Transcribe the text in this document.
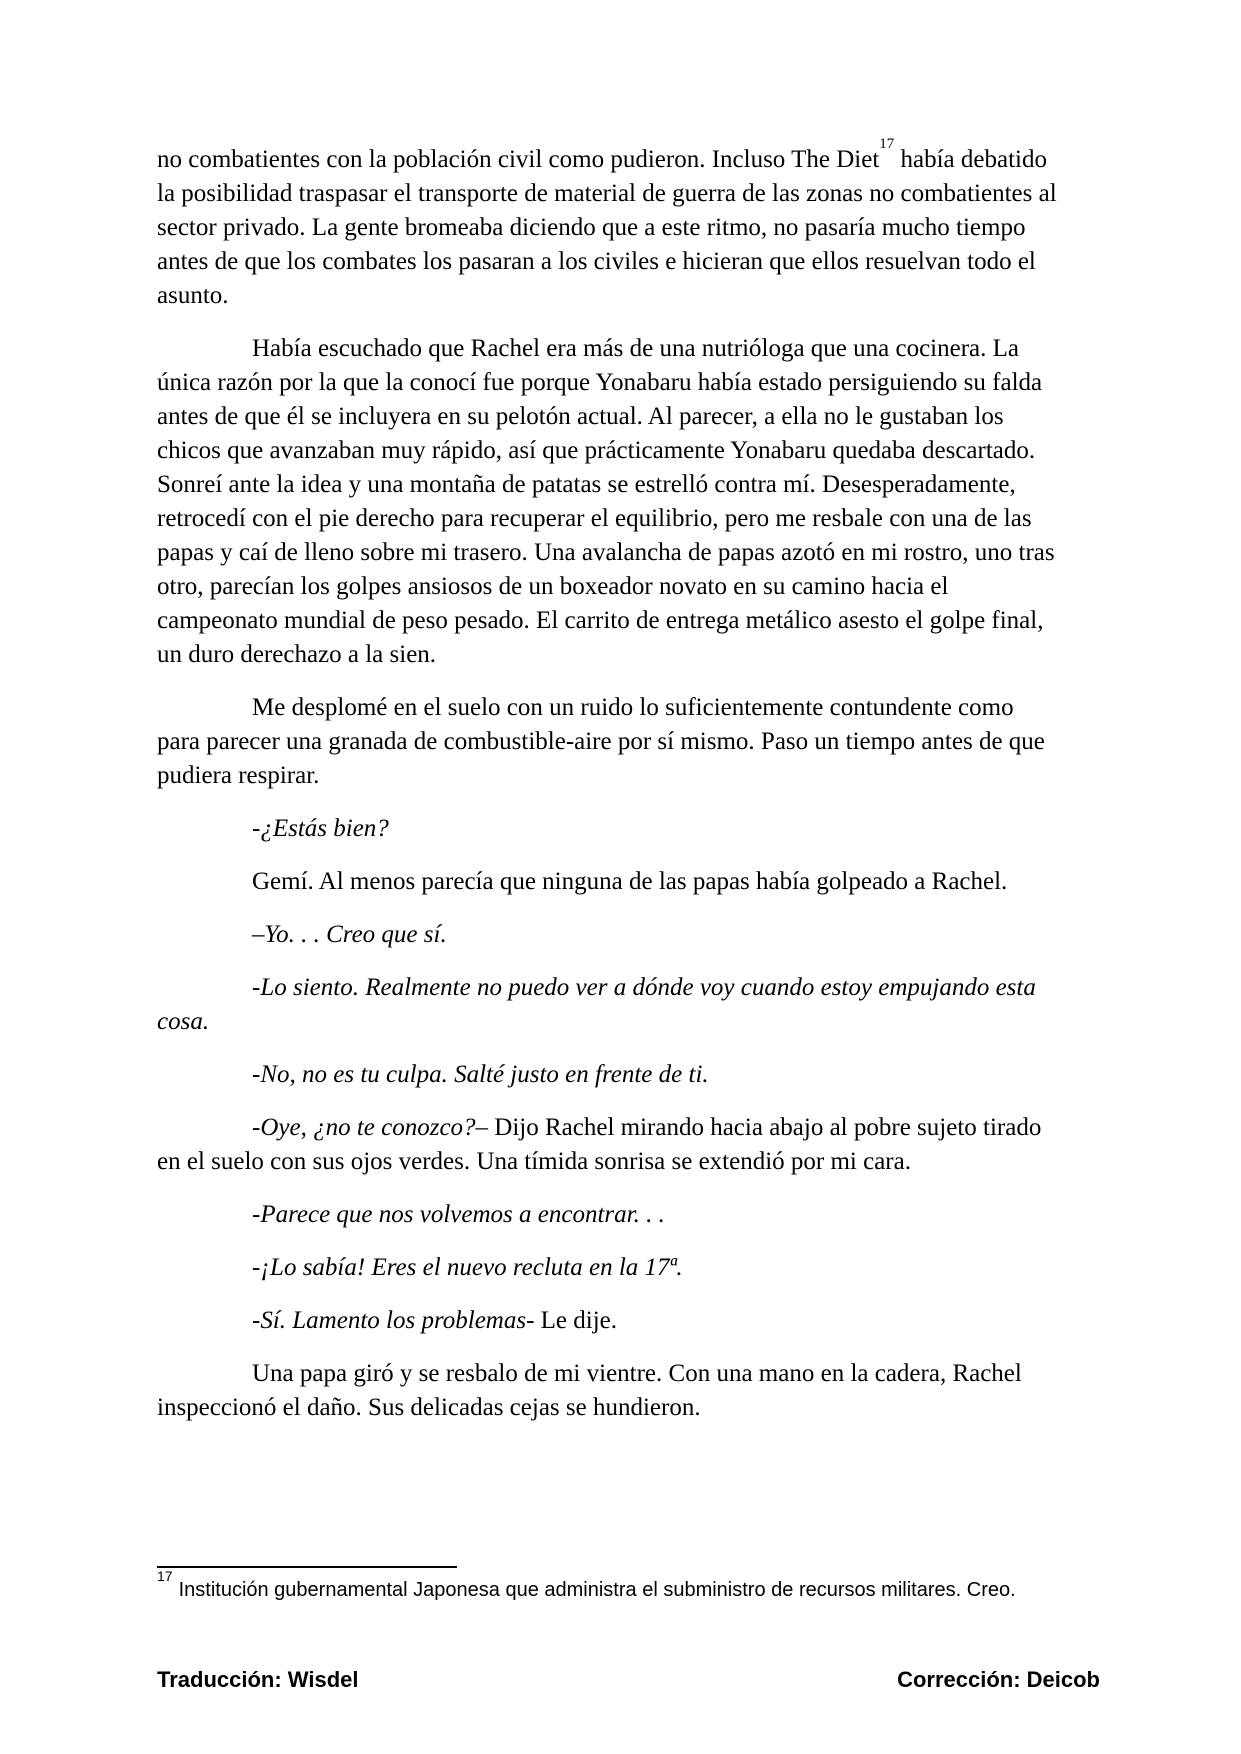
no combatientes con la población civil como pudieron. Incluso The Diet$^{17}$ había debatido la posibilidad traspasar el transporte de material de guerra de las zonas no combatientes al sector privado. La gente bromeaba diciendo que a este ritmo, no pasaría mucho tiempo antes de que los combates los pasaran a los civiles e hicieran que ellos resuelvan todo el asunto.

Había escuchado que Rachel era más de una nutrióloga que una cocinera. La única razón por la que la conocí fue porque Yonabaru había estado persiguiendo su falda antes de que él se incluyera en su pelotón actual. Al parecer, a ella no le gustaban los chicos que avanzaban muy rápido, así que prácticamente Yonabaru quedaba descartado. Sonreí ante la idea y una montaña de patatas se estrelló contra mí. Desesperadamente, retrocedí con el pie derecho para recuperar el equilibrio, pero me resbale con una de las papas y caí de lleno sobre mi trasero. Una avalancha de papas azotó en mi rostro, uno tras otro, parecían los golpes ansiosos de un boxeador novato en su camino hacia el campeonato mundial de peso pesado. El carrito de entrega metálico asesto el golpe final, un duro derechazo a la sien.

Me desplomé en el suelo con un ruido lo suficientemente contundente como para parecer una granada de combustible-aire por sí mismo. Paso un tiempo antes de que pudiera respirar.

-¿Estás bien?

Gemí. Al menos parecía que ninguna de las papas había golpeado a Rachel.

–Yo. . . Creo que sí.

-Lo siento. Realmente no puedo ver a dónde voy cuando estoy empujando esta cosa.

-No, no es tu culpa. Salté justo en frente de ti.

-Oye, ¿no te conozco?– Dijo Rachel mirando hacia abajo al pobre sujeto tirado en el suelo con sus ojos verdes. Una tímida sonrisa se extendió por mi cara.

-Parece que nos volvemos a encontrar. . .

-¡Lo sabía! Eres el nuevo recluta en la 17ª.

-Sí. Lamento los problemas- Le dije.

Una papa giró y se resbalo de mi vientre. Con una mano en la cadera, Rachel inspeccionó el daño. Sus delicadas cejas se hundieron.

$^{17}$Institución gubernamental Japonesa que administra el subministro de recursos militares. Creo.
Traducción: Wisdel	Corrección: Deicob
